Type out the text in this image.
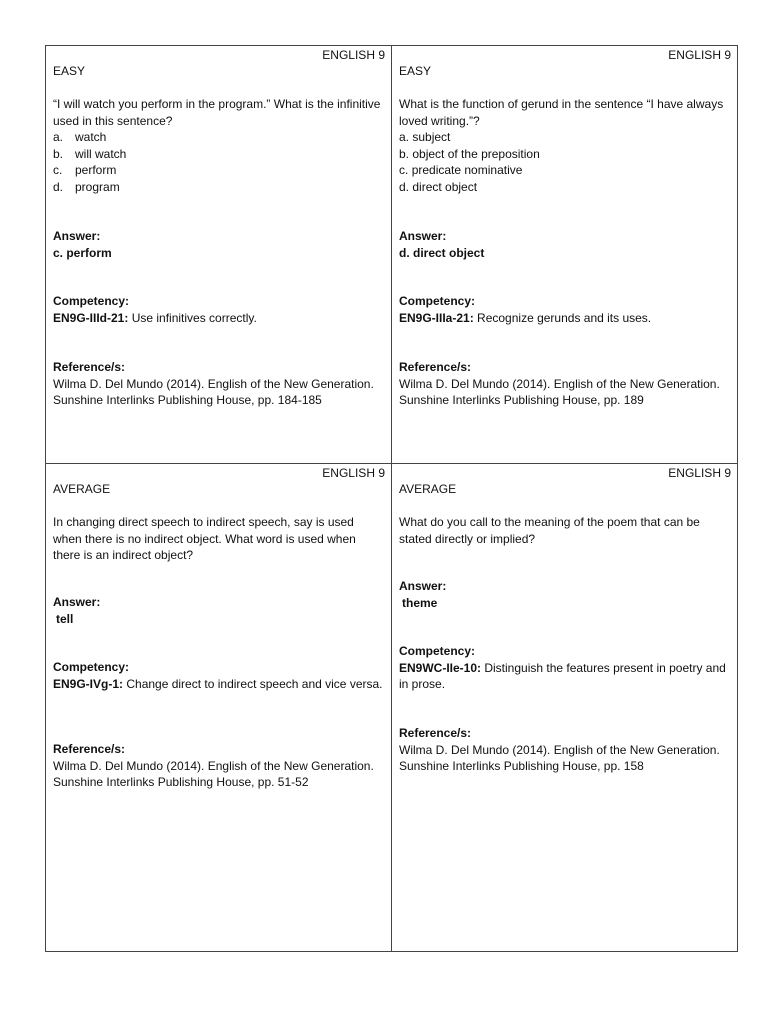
ENGLISH 9
EASY
“I will watch you perform in the program.” What is the infinitive used in this sentence?
a. watch
b. will watch
c. perform
d. program
Answer:
c. perform
Competency:
EN9G-IIId-21: Use infinitives correctly.
Reference/s:
Wilma D. Del Mundo (2014). English of the New Generation. Sunshine Interlinks Publishing House, pp. 184-185
ENGLISH 9
EASY
What is the function of gerund in the sentence “I have always loved writing.”?
a. subject
b. object of the preposition
c. predicate nominative
d. direct object
Answer:
d. direct object
Competency:
EN9G-IIIa-21: Recognize gerunds and its uses.
Reference/s:
Wilma D. Del Mundo (2014). English of the New Generation. Sunshine Interlinks Publishing House, pp. 189
ENGLISH 9
AVERAGE
In changing direct speech to indirect speech, say is used when there is no indirect object. What word is used when there is an indirect object?
Answer:
tell
Competency:
EN9G-IVg-1: Change direct to indirect speech and vice versa.
Reference/s:
Wilma D. Del Mundo (2014). English of the New Generation. Sunshine Interlinks Publishing House, pp. 51-52
ENGLISH 9
AVERAGE
What do you call to the meaning of the poem that can be stated directly or implied?
Answer:
theme
Competency:
EN9WC-IIe-10: Distinguish the features present in poetry and in prose.
Reference/s:
Wilma D. Del Mundo (2014). English of the New Generation. Sunshine Interlinks Publishing House, pp. 158
